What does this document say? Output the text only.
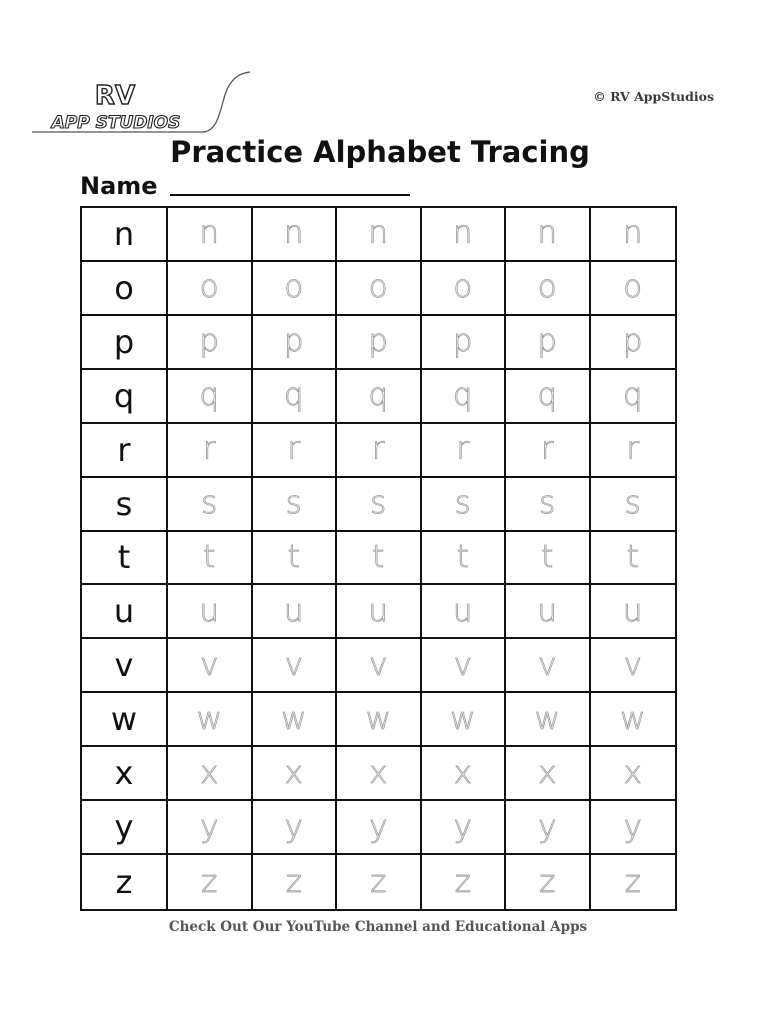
RV
APP STUDIOS
© RV AppStudios
Practice Alphabet Tracing
Name
n	n	n	n	n	n	n
o	o	o	o	o	o	o
p	p	p	p	p	p	p
q	q	q	q	q	q	q
r	r	r	r	r	r	r
s	s	s	s	s	s	s
t	t	t	t	t	t	t
u	u	u	u	u	u	u
v	v	v	v	v	v	v
w	w	w	w	w	w	w
x	x	x	x	x	x	x
y	y	y	y	y	y	y
z	z	z	z	z	z	z
Check Out Our YouTube Channel and Educational Apps
